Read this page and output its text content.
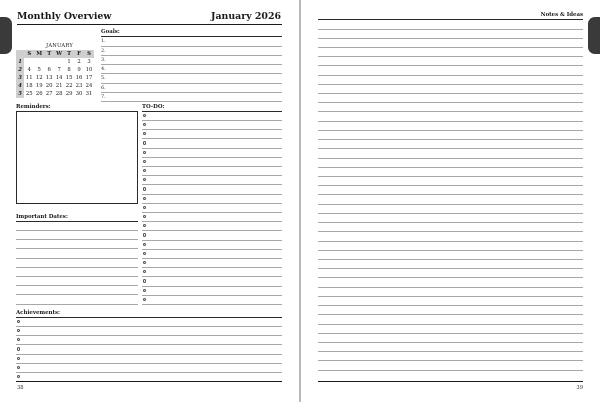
Monthly Overview	January 2026
JANUARY
	S	M	T	W	T	F	S
1					1	2	3
2	4	5	6	7	8	9	10
3	11	12	13	14	15	16	17
4	18	19	20	21	22	23	24
5	25	26	27	28	29	30	31
Goals:
1.
2.
3.
4.
5.
6.
7.
Reminders:	TO-DO:
Important Dates:
Achievements:
38
Notes & Ideas
39
